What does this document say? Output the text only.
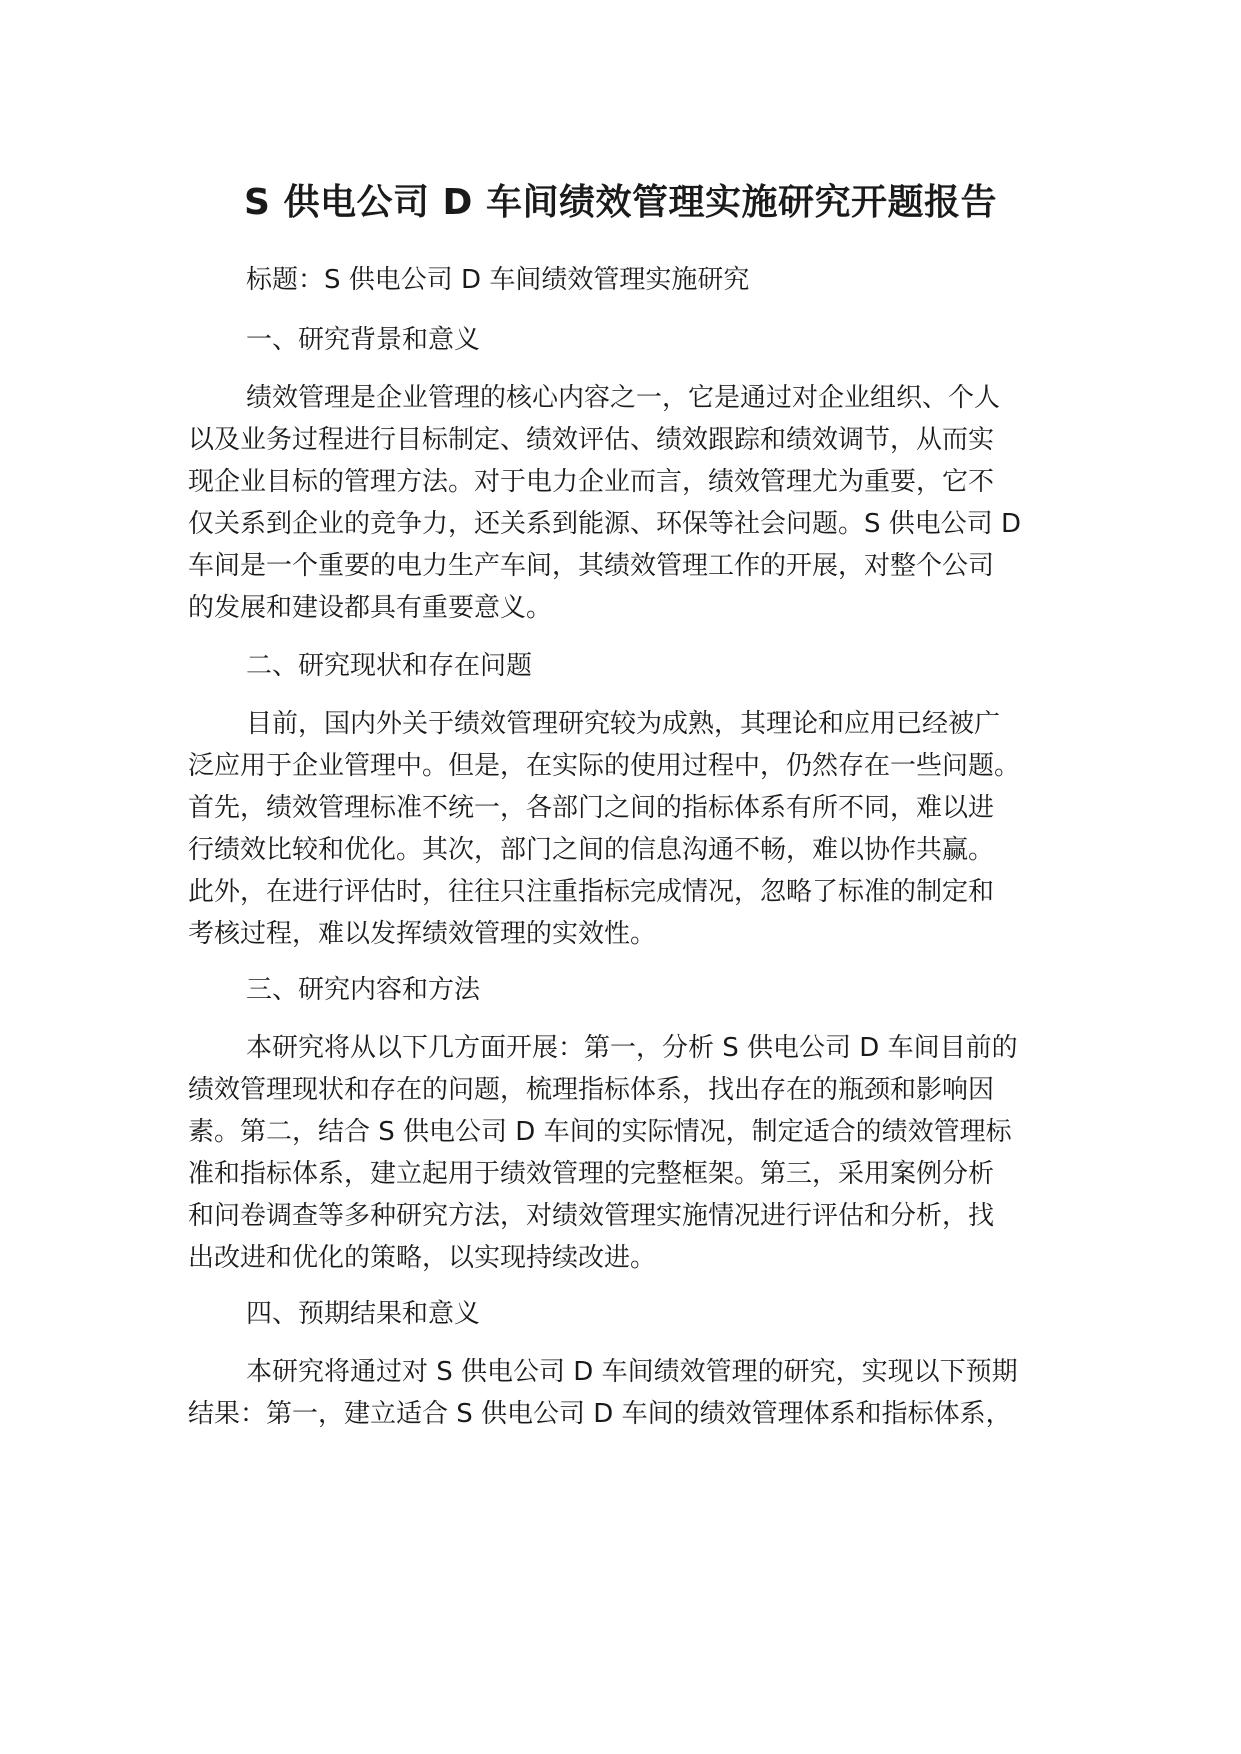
S 供电公司 D 车间绩效管理实施研究开题报告

标题：S 供电公司 D 车间绩效管理实施研究

一、研究背景和意义

绩效管理是企业管理的核心内容之一，它是通过对企业组织、个人

以及业务过程进行目标制定、绩效评估、绩效跟踪和绩效调节，从而实

现企业目标的管理方法。对于电力企业而言，绩效管理尤为重要，它不

仅关系到企业的竞争力，还关系到能源、环保等社会问题。S 供电公司 D

车间是一个重要的电力生产车间，其绩效管理工作的开展，对整个公司

的发展和建设都具有重要意义。

二、研究现状和存在问题

目前，国内外关于绩效管理研究较为成熟，其理论和应用已经被广

泛应用于企业管理中。但是，在实际的使用过程中，仍然存在一些问题。

首先，绩效管理标准不统一，各部门之间的指标体系有所不同，难以进

行绩效比较和优化。其次，部门之间的信息沟通不畅，难以协作共赢。

此外，在进行评估时，往往只注重指标完成情况，忽略了标准的制定和

考核过程，难以发挥绩效管理的实效性。

三、研究内容和方法

本研究将从以下几方面开展：第一，分析 S 供电公司 D 车间目前的

绩效管理现状和存在的问题，梳理指标体系，找出存在的瓶颈和影响因

素。第二，结合 S 供电公司 D 车间的实际情况，制定适合的绩效管理标

准和指标体系，建立起用于绩效管理的完整框架。第三，采用案例分析

和问卷调查等多种研究方法，对绩效管理实施情况进行评估和分析，找

出改进和优化的策略，以实现持续改进。

四、预期结果和意义

本研究将通过对 S 供电公司 D 车间绩效管理的研究，实现以下预期

结果：第一，建立适合 S 供电公司 D 车间的绩效管理体系和指标体系，
